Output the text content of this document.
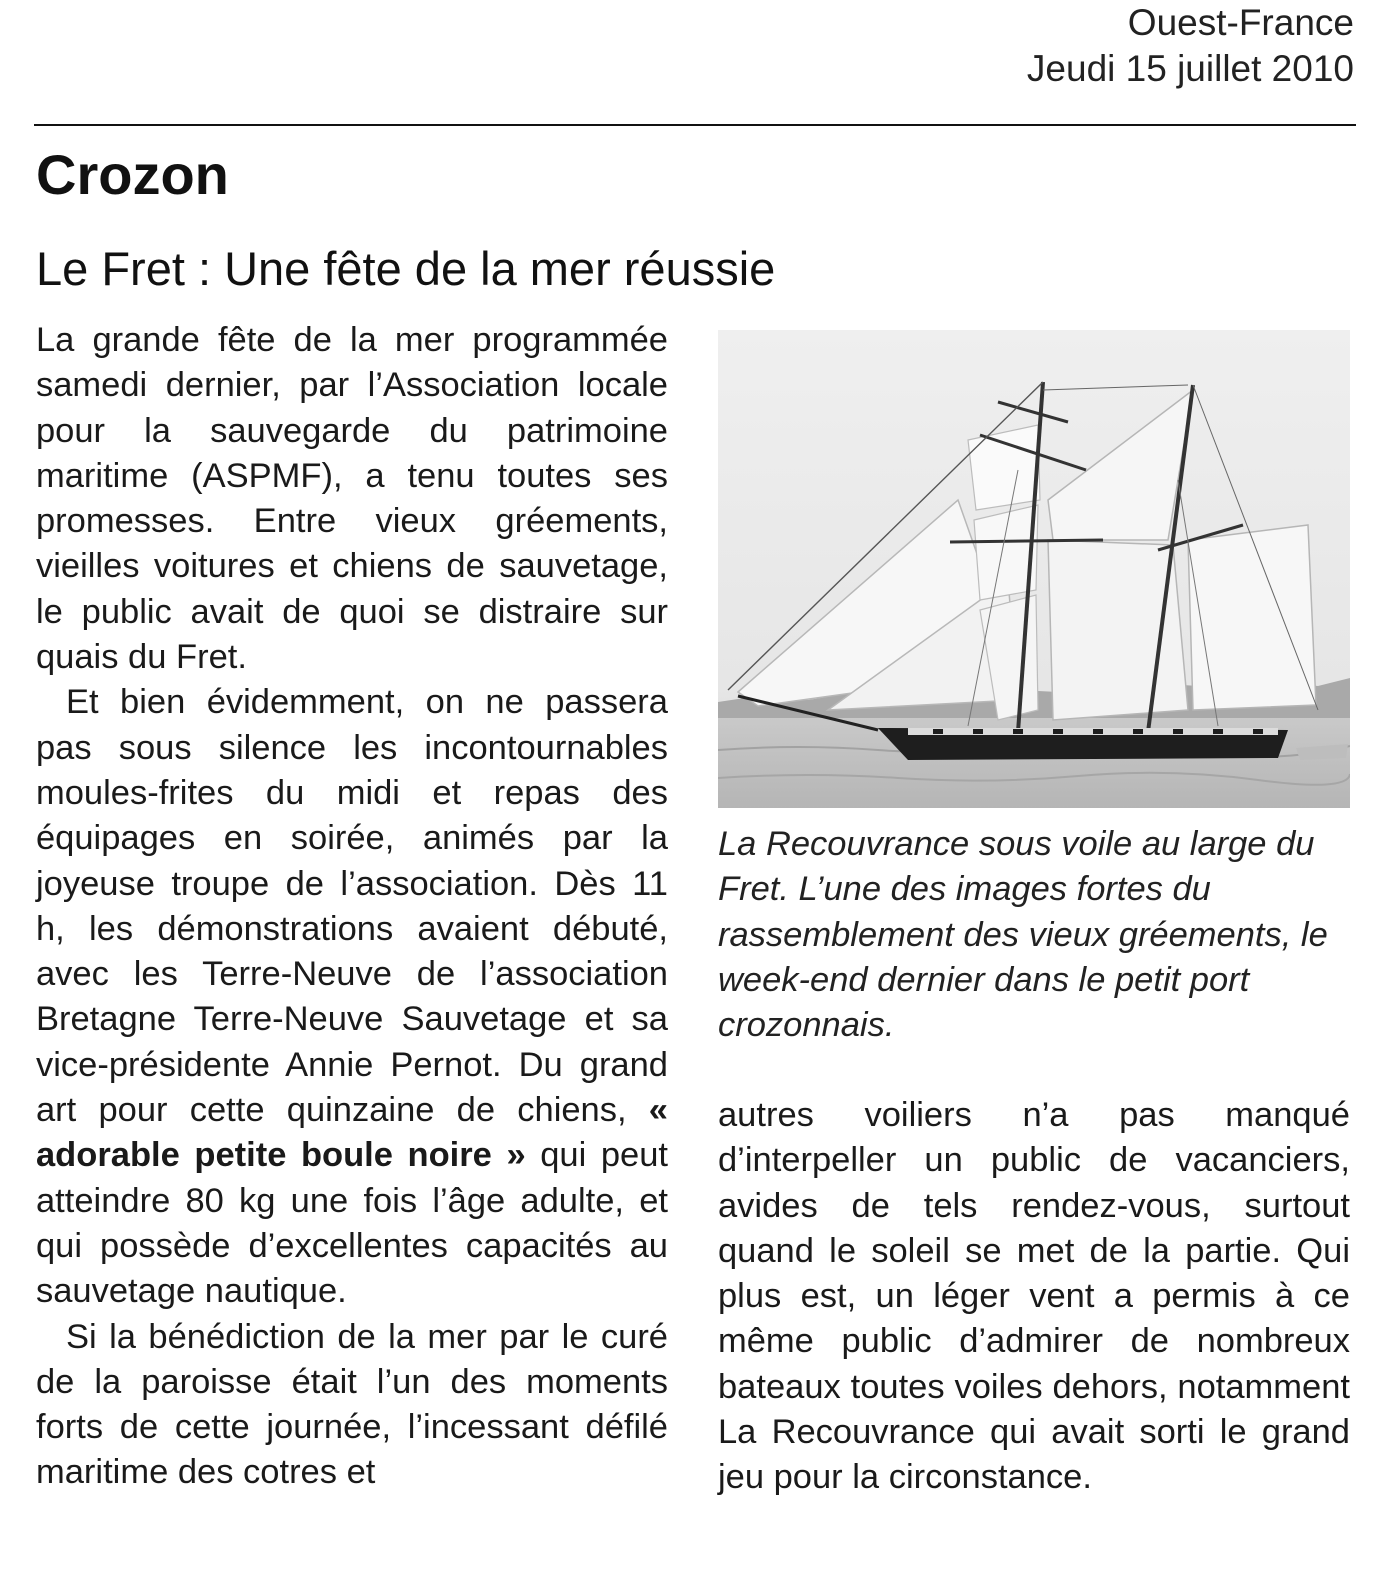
Ouest-France
Jeudi 15 juillet 2010
Crozon
Le Fret : Une fête de la mer réussie

La grande fête de la mer programmée samedi dernier, par l’Association locale pour la sauvegarde du patrimoine maritime (ASPMF), a tenu toutes ses promesses. Entre vieux gréements, vieilles voitures et chiens de sauvetage, le public avait de quoi se distraire sur quais du Fret.

Et bien évidemment, on ne passera pas sous silence les incontournables moules-frites du midi et repas des équipages en soirée, animés par la joyeuse troupe de l’association. Dès 11 h, les démonstrations avaient débuté, avec les Terre-Neuve de l’association Bretagne Terre-Neuve Sauvetage et sa vice-présidente Annie Pernot. Du grand art pour cette quinzaine de chiens, « adorable petite boule noire » qui peut atteindre 80 kg une fois l’âge adulte, et qui possède d’excellentes capacités au sauvetage nautique.

Si la bénédiction de la mer par le curé de la paroisse était l’un des moments forts de cette journée, l’incessant défilé maritime des cotres et

La Recouvrance sous voile au large du Fret. L’une des images fortes du rassemblement des vieux gréements, le week-end dernier dans le petit port crozonnais.

autres voiliers n’a pas manqué d’interpeller un public de vacanciers, avides de tels rendez-vous, surtout quand le soleil se met de la partie. Qui plus est, un léger vent a permis à ce même public d’admirer de nombreux bateaux toutes voiles dehors, notamment La Recouvrance qui avait sorti le grand jeu pour la circonstance.
